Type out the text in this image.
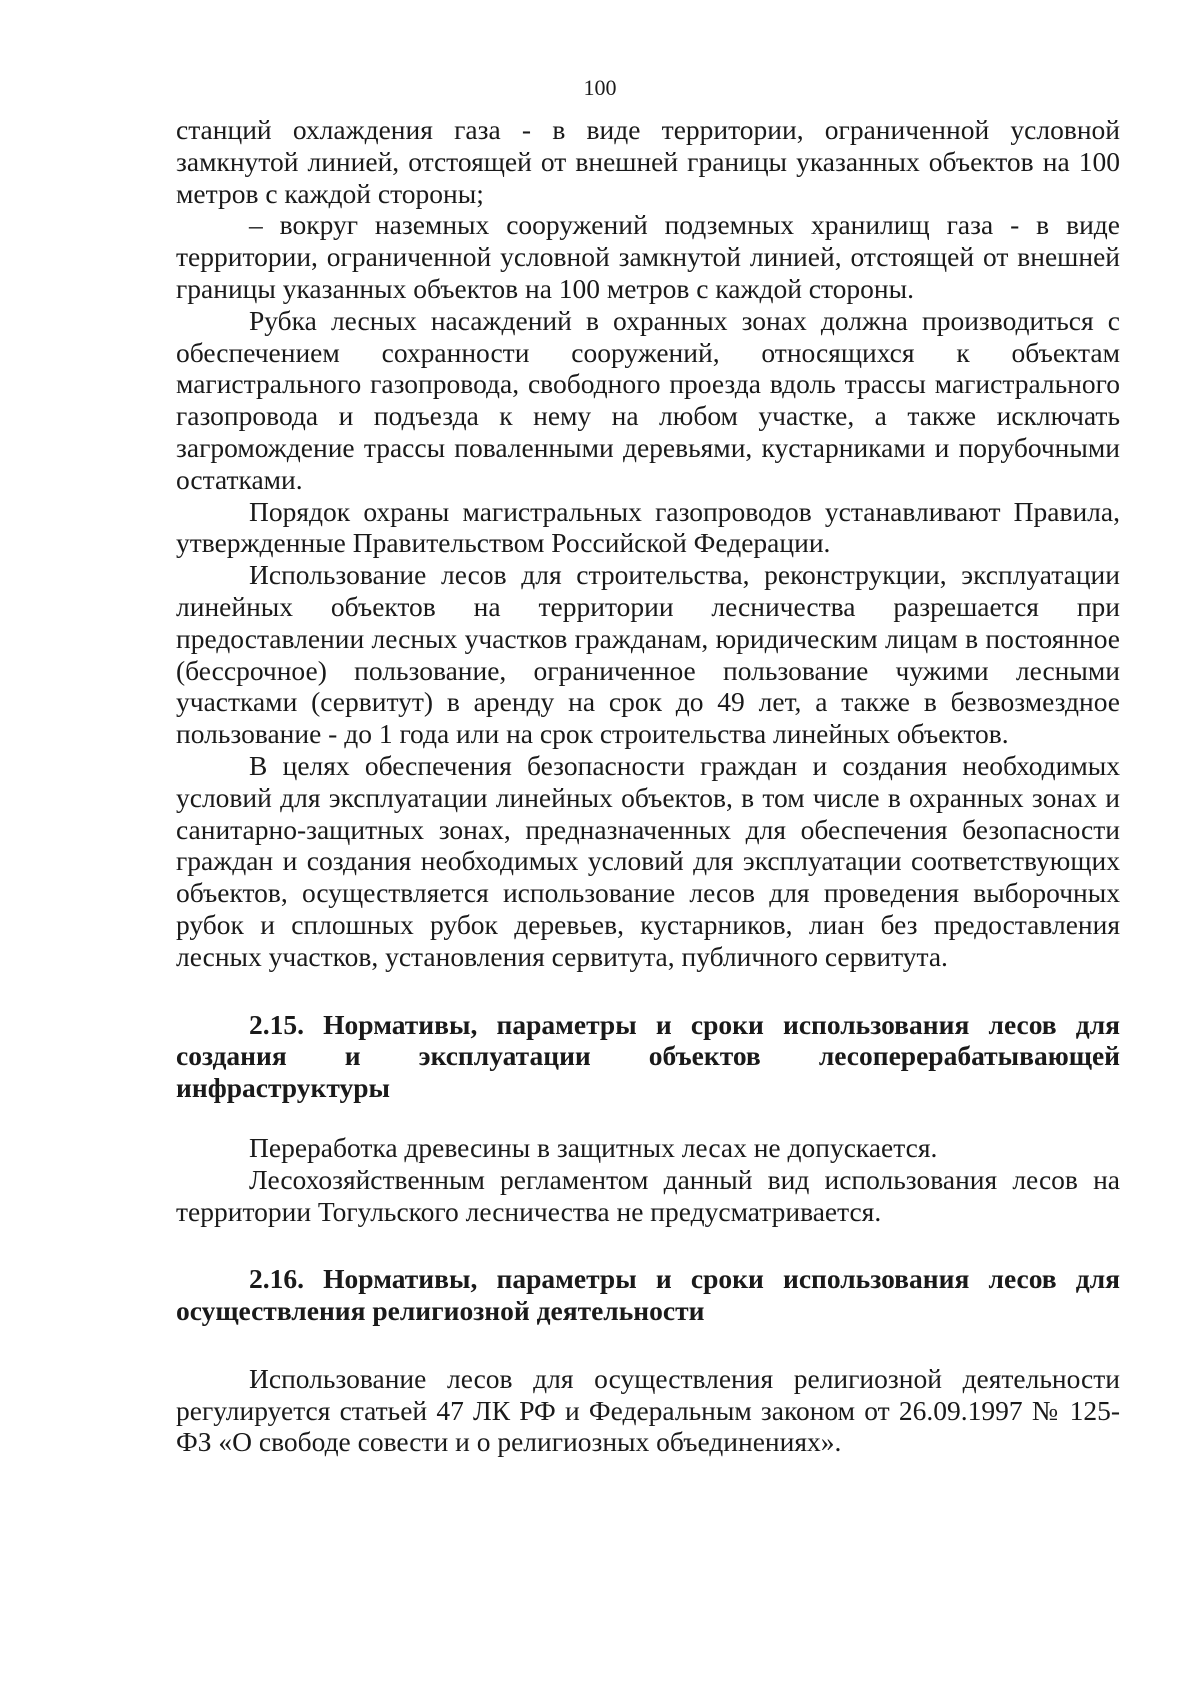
100

станций охлаждения газа - в виде территории, ограниченной условной замкнутой линией, отстоящей от внешней границы указанных объектов на 100 метров с каждой стороны;

– вокруг наземных сооружений подземных хранилищ газа - в виде территории, ограниченной условной замкнутой линией, отстоящей от внешней границы указанных объектов на 100 метров с каждой стороны.

Рубка лесных насаждений в охранных зонах должна производиться с обеспечением сохранности сооружений, относящихся к объектам магистрального газопровода, свободного проезда вдоль трассы магистрального газопровода и подъезда к нему на любом участке, а также исключать загромождение трассы поваленными деревьями, кустарниками и порубочными остатками.

Порядок охраны магистральных газопроводов устанавливают Правила, утвержденные Правительством Российской Федерации.

Использование лесов для строительства, реконструкции, эксплуатации линейных объектов на территории лесничества разрешается при предоставлении лесных участков гражданам, юридическим лицам в постоянное (бессрочное) пользование, ограниченное пользование чужими лесными участками (сервитут) в аренду на срок до 49 лет, а также в безвозмездное пользование - до 1 года или на срок строительства линейных объектов.

В целях обеспечения безопасности граждан и создания необходимых условий для эксплуатации линейных объектов, в том числе в охранных зонах и санитарно-защитных зонах, предназначенных для обеспечения безопасности граждан и создания необходимых условий для эксплуатации соответствующих объектов, осуществляется использование лесов для проведения выборочных рубок и сплошных рубок деревьев, кустарников, лиан без предоставления лесных участков, установления сервитута, публичного сервитута.

2.15. Нормативы, параметры и сроки использования лесов для создания и эксплуатации объектов лесоперерабатывающей инфраструктуры

Переработка древесины в защитных лесах не допускается.

Лесохозяйственным регламентом данный вид использования лесов на территории Тогульского лесничества не предусматривается.

2.16. Нормативы, параметры и сроки использования лесов для осуществления религиозной деятельности

Использование лесов для осуществления религиозной деятельности регулируется статьей 47 ЛК РФ и Федеральным законом от 26.09.1997 № 125-ФЗ «О свободе совести и о религиозных объединениях».
